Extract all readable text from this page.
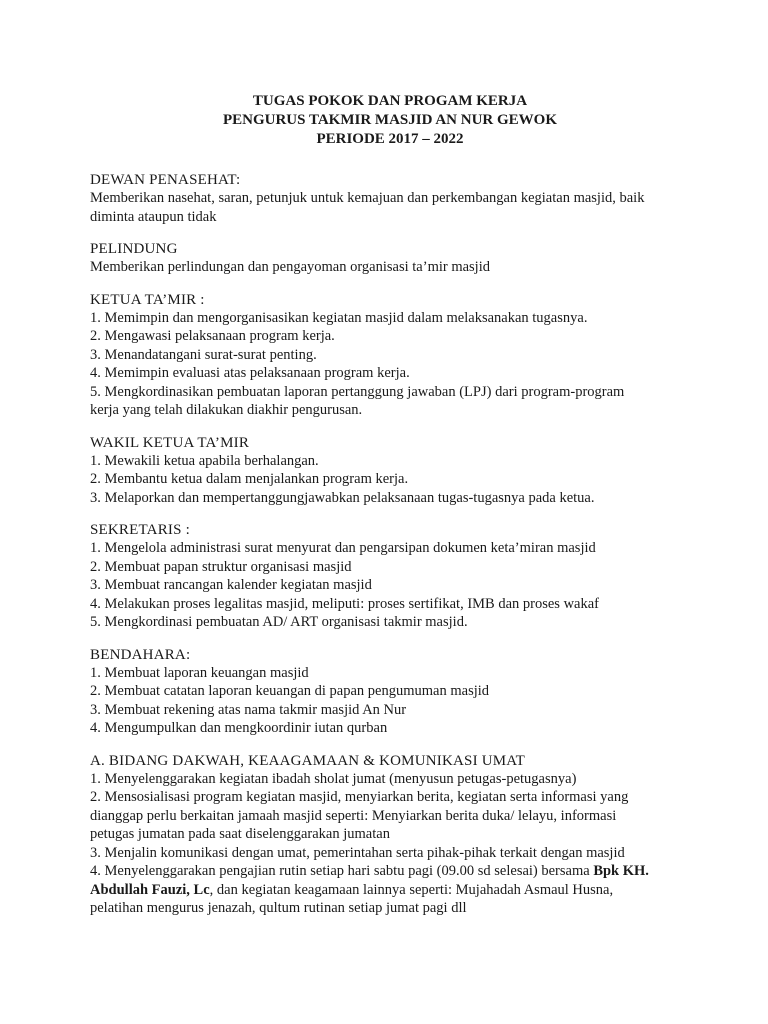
TUGAS POKOK DAN PROGAM KERJA
PENGURUS TAKMIR MASJID AN NUR GEWOK
PERIODE 2017 – 2022
DEWAN PENASEHAT:
Memberikan nasehat, saran, petunjuk untuk kemajuan dan perkembangan kegiatan masjid, baik
diminta ataupun tidak
PELINDUNG
Memberikan perlindungan dan pengayoman organisasi ta’mir masjid
KETUA TA’MIR :
1. Memimpin dan mengorganisasikan kegiatan masjid dalam melaksanakan tugasnya.
2. Mengawasi pelaksanaan program kerja.
3. Menandatangani surat-surat penting.
4. Memimpin evaluasi atas pelaksanaan program kerja.
5. Mengkordinasikan pembuatan laporan pertanggung jawaban (LPJ) dari program-program
kerja yang telah dilakukan diakhir pengurusan.
WAKIL KETUA TA’MIR
1. Mewakili ketua apabila berhalangan.
2. Membantu ketua dalam menjalankan program kerja.
3. Melaporkan dan mempertanggungjawabkan pelaksanaan tugas-tugasnya pada ketua.
SEKRETARIS :
1. Mengelola administrasi surat menyurat dan pengarsipan dokumen keta’miran masjid
2. Membuat papan struktur organisasi masjid
3. Membuat rancangan kalender kegiatan masjid
4. Melakukan proses legalitas masjid, meliputi: proses sertifikat, IMB dan proses wakaf
5. Mengkordinasi pembuatan AD/ ART organisasi takmir masjid.
BENDAHARA:
1. Membuat laporan keuangan masjid
2. Membuat catatan laporan keuangan di papan pengumuman masjid
3. Membuat rekening atas nama takmir masjid An Nur
4. Mengumpulkan dan mengkoordinir iutan qurban
A. BIDANG DAKWAH, KEAAGAMAAN & KOMUNIKASI UMAT
1. Menyelenggarakan kegiatan ibadah sholat jumat (menyusun petugas-petugasnya)
2. Mensosialisasi program kegiatan masjid, menyiarkan berita, kegiatan serta informasi yang
dianggap perlu berkaitan jamaah masjid seperti: Menyiarkan berita duka/ lelayu, informasi
petugas jumatan pada saat diselenggarakan jumatan
3. Menjalin komunikasi dengan umat, pemerintahan serta pihak-pihak terkait dengan masjid
4. Menyelenggarakan pengajian rutin setiap hari sabtu pagi (09.00 sd selesai) bersama Bpk KH.
Abdullah Fauzi, Lc, dan kegiatan keagamaan lainnya seperti: Mujahadah Asmaul Husna,
pelatihan mengurus jenazah, qultum rutinan setiap jumat pagi dll
